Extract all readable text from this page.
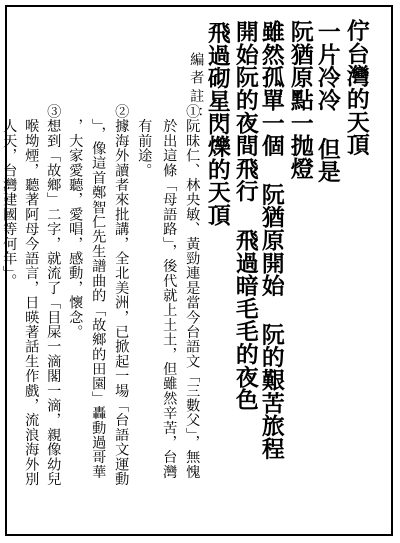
佇台灣的天頂
一片冷冷 但是
阮猶原點一抛燈
雖然孤單一個 阮猶原開始 阮的艱苦旅程
開始阮的夜間飛行 飛過暗毛毛的夜色
飛過砌星閃爍的天頂
編者註：
①阮昧仁、林央敏、黃勁連是當今台語文「三數父」，無愧
　於出這條「母語路」，後代就上土土，但雖然辛苦，台灣
　有前途。
②據海外讀者來批講，全北美洲，已掀起一場「台語文運動
　」，像這首鄭智仁先生譜曲的「故鄉的田園」轟動過哥華
　，大家愛聽，愛唱，感動，懷念。
③想到「故鄉」二字，就流了「目屎一滴閣一滴，親像幼兒
　喉坳煙，聽著阿母今語言，日暎著話生作戲，流浪海外別
　人天，台灣建國等何年」。
